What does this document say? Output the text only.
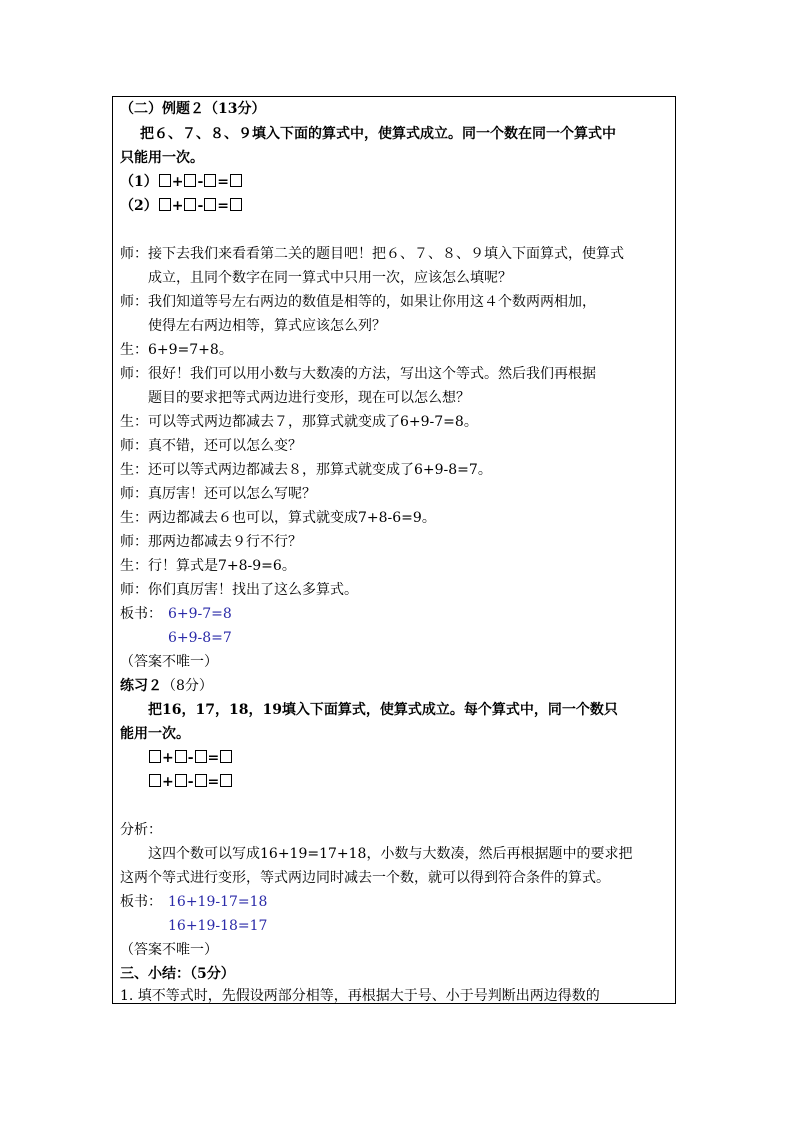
（二）例题２（13分）
把６、７、８、９填入下面的算式中，使算式成立。同一个数在同一个算式中
只能用一次。
（1） + - =
（2） + - =
师：接下去我们来看看第二关的题目吧！把６、７、８、９填入下面算式，使算式
成立，且同个数字在同一算式中只用一次，应该怎么填呢？
师：我们知道等号左右两边的数值是相等的，如果让你用这４个数两两相加，
使得左右两边相等，算式应该怎么列？
生：6+9=7+8。
师：很好！我们可以用小数与大数凑的方法，写出这个等式。然后我们再根据
题目的要求把等式两边进行变形，现在可以怎么想？
生：可以等式两边都减去７，那算式就变成了6+9-7=8。
师：真不错，还可以怎么变？
生：还可以等式两边都减去８，那算式就变成了6+9-8=7。
师：真厉害！还可以怎么写呢？
生：两边都减去６也可以，算式就变成7+8-6=9。
师：那两边都减去９行不行？
生：行！算式是7+8-9=6。
师：你们真厉害！找出了这么多算式。
板书： 6+9-7=8
6+9-8=7
（答案不唯一）
练习２（8分）
把16，17，18，19填入下面算式，使算式成立。每个算式中，同一个数只
能用一次。
+ - =
+ - =
分析：
这四个数可以写成16+19=17+18，小数与大数凑，然后再根据题中的要求把
这两个等式进行变形，等式两边同时减去一个数，就可以得到符合条件的算式。
板书： 16+19-17=18
16+19-18=17
（答案不唯一）
三、小结：（5分）
1. 填不等式时，先假设两部分相等，再根据大于号、小于号判断出两边得数的
